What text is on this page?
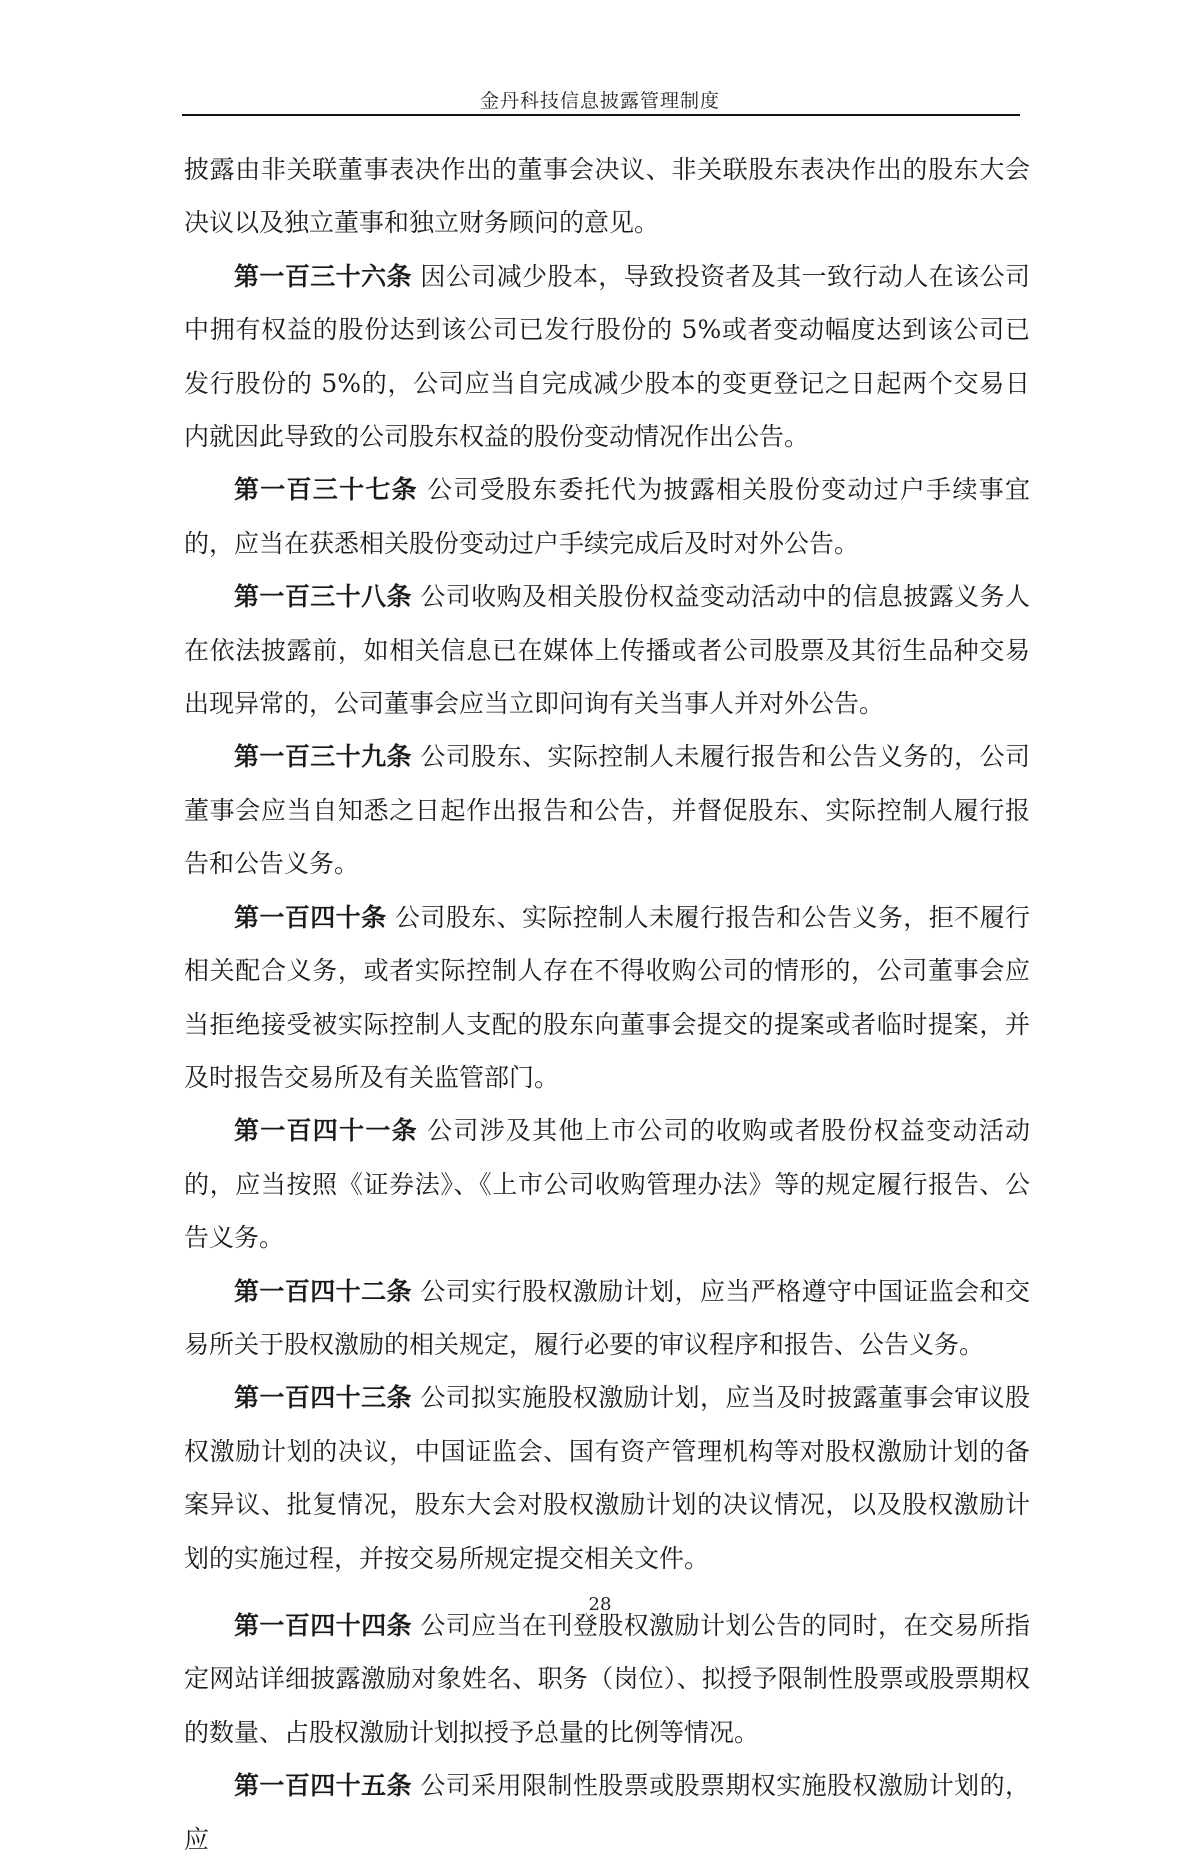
金丹科技信息披露管理制度

披露由非关联董事表决作出的董事会决议、非关联股东表决作出的股东大会决议以及独立董事和独立财务顾问的意见。

第一百三十六条 因公司减少股本，导致投资者及其一致行动人在该公司中拥有权益的股份达到该公司已发行股份的 5%或者变动幅度达到该公司已发行股份的 5%的，公司应当自完成减少股本的变更登记之日起两个交易日内就因此导致的公司股东权益的股份变动情况作出公告。

第一百三十七条 公司受股东委托代为披露相关股份变动过户手续事宜的，应当在获悉相关股份变动过户手续完成后及时对外公告。

第一百三十八条 公司收购及相关股份权益变动活动中的信息披露义务人在依法披露前，如相关信息已在媒体上传播或者公司股票及其衍生品种交易出现异常的，公司董事会应当立即问询有关当事人并对外公告。

第一百三十九条 公司股东、实际控制人未履行报告和公告义务的，公司董事会应当自知悉之日起作出报告和公告，并督促股东、实际控制人履行报告和公告义务。

第一百四十条 公司股东、实际控制人未履行报告和公告义务，拒不履行相关配合义务，或者实际控制人存在不得收购公司的情形的，公司董事会应当拒绝接受被实际控制人支配的股东向董事会提交的提案或者临时提案，并及时报告交易所及有关监管部门。

第一百四十一条 公司涉及其他上市公司的收购或者股份权益变动活动的，应当按照《证券法》、《上市公司收购管理办法》等的规定履行报告、公告义务。

第一百四十二条 公司实行股权激励计划，应当严格遵守中国证监会和交易所关于股权激励的相关规定，履行必要的审议程序和报告、公告义务。

第一百四十三条 公司拟实施股权激励计划，应当及时披露董事会审议股权激励计划的决议，中国证监会、国有资产管理机构等对股权激励计划的备案异议、批复情况，股东大会对股权激励计划的决议情况，以及股权激励计划的实施过程，并按交易所规定提交相关文件。

第一百四十四条 公司应当在刊登股权激励计划公告的同时，在交易所指定网站详细披露激励对象姓名、职务（岗位）、拟授予限制性股票或股票期权的数量、占股权激励计划拟授予总量的比例等情况。

第一百四十五条 公司采用限制性股票或股票期权实施股权激励计划的，应

28
